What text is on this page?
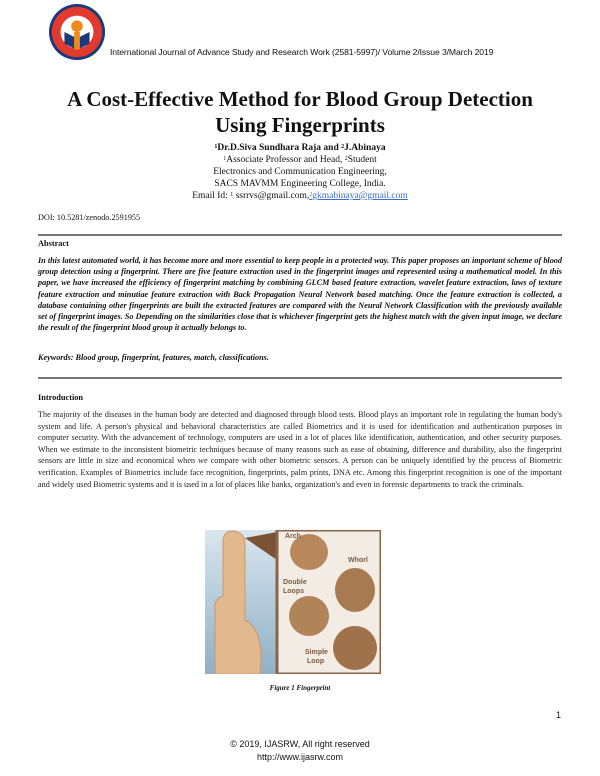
International Journal of Advance Study and Research Work (2581-5997)/ Volume 2/Issue 3/March 2019
A Cost-Effective Method for Blood Group Detection
Using Fingerprints
$^1$Dr.D.Siva Sundhara Raja and $^2$J.Abinaya
$^1$Associate Professor and Head, $^2$Student
Electronics and Communication Engineering,
SACS MAVMM Engineering College, India.
Email Id: $^1$ ssrrvs@gmail.com,$^2$gkmabinaya@gmail.com
DOI: 10.5281/zenodo.2591955
Abstract
In this latest automated world, it has become more and more essential to keep people in a protected way. This paper proposes an important scheme of blood group detection using a fingerprint. There are five feature extraction used in the fingerprint images and represented using a mathematical model. In this paper, we have increased the efficiency of fingerprint matching by combining GLCM based feature extraction, wavelet feature extraction, laws of texture feature extraction and minutiae feature extraction with Back Propagation Neural Network based matching. Once the feature extraction is collected, a database containing other fingerprints are built the extracted features are compared with the Neural Network Classification with the previously available set of fingerprint images. So Depending on the similarities close that is whichever fingerprint gets the highest match with the given input image, we declare the result of the fingerprint blood group it actually belongs to.
Keywords: Blood group, fingerprint, features, match, classifications.
Introduction
The majority of the diseases in the human body are detected and diagnosed through blood tests. Blood plays an important role in regulating the human body's system and life. A person's physical and behavioral characteristics are called Biometrics and it is used for identification and authentication purposes in computer security. With the advancement of technology, computers are used in a lot of places like identification, authentication, and other security purposes. When we estimate to the inconsistent biometric techniques because of many reasons such as ease of obtaining, difference and durability, also the fingerprint sensors are little in size and economical when we compare with other biometric sensors. A person can be uniquely identified by the process of Biometric verification. Examples of Biometrics include face recognition, fingerprints, palm prints, DNA etc. Among this fingerprint recognition is one of the important and widely used Biometric systems and it is used in a lot of places like banks, organization's and even in forensic departments to track the criminals.
Arch
Whorl
Double
Loops
Simple
Loop
Figure 1 Fingerprint
1
© 2019, IJASRW, All right reserved
http://www.ijasrw.com
